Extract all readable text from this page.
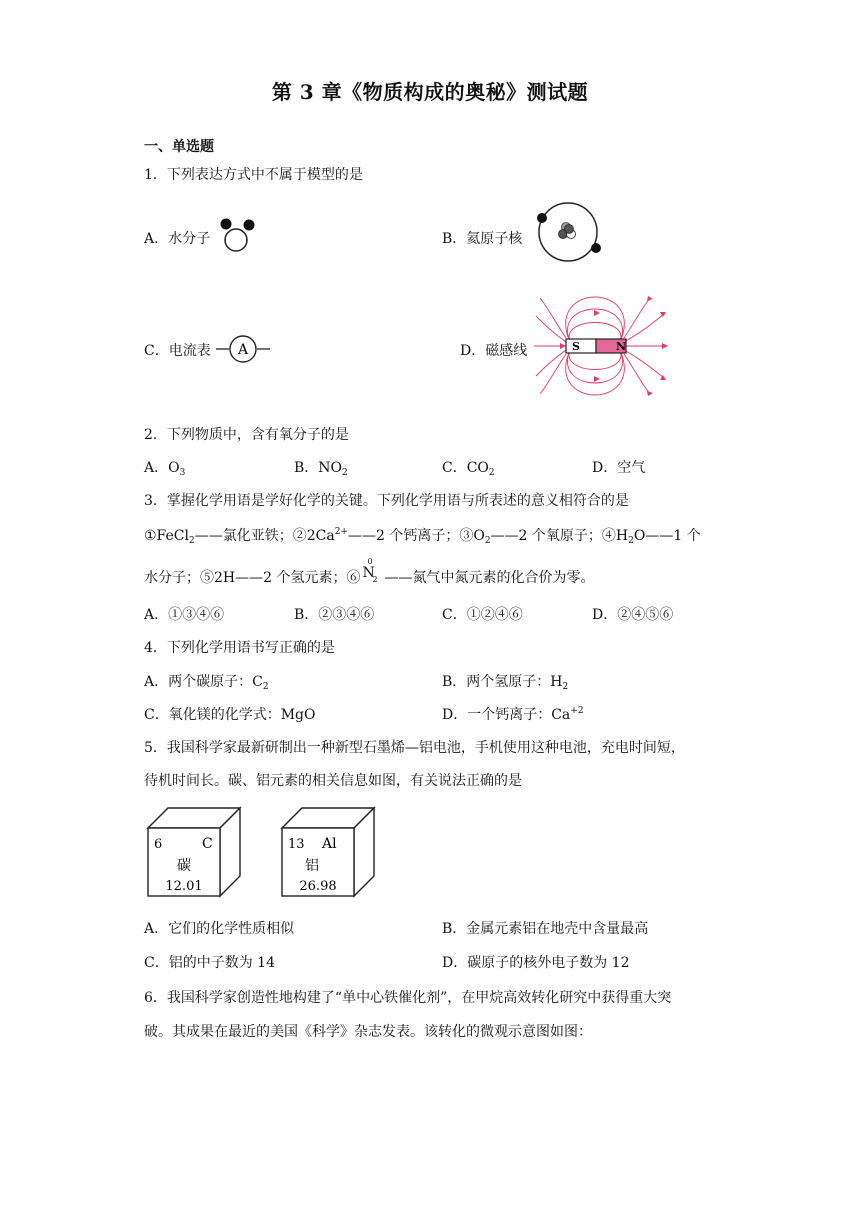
第 3 章《物质构成的奥秘》测试题
一、单选题
1．下列表达方式中不属于模型的是
A．水分子	B．氦原子核
C．电流表 A	D．磁感线	S	N
2．下列物质中，含有氧分子的是
A．$O_3$	B．$NO_2$	C．$CO_2$	D．空气
3．掌握化学用语是学好化学的关键。下列化学用语与所表述的意义相符合的是
①FeCl$_2$——氯化亚铁；$②2Ca^{2+}——2$ 个钙离子；$③O_2——2$ 个氧原子；$④H_2O——1$ 个
水分子；⑤2H——2 个氢元素；⑥
0
N
2 ——氮气中氮元素的化合价为零。
A．①③④⑥	B．②③④⑥	C．①②④⑥	D．②④⑤⑥
4．下列化学用语书写正确的是
A．两个碳原子：$C_2$	B．两个氢原子：$H_2$
C．氧化镁的化学式：MgO	D．一个钙离子：$Ca^{+2}$
5．我国科学家最新研制出一种新型石墨烯—铝电池，手机使用这种电池，充电时间短，
待机时间长。碳、铝元素的相关信息如图，有关说法正确的是
6	C
碳
12.01
13 Al
铝
26.98
A．它们的化学性质相似	B．金属元素铝在地壳中含量最高
C．铝的中子数为 14	D．碳原子的核外电子数为 12
6．我国科学家创造性地构建了“单中心铁催化剂”，在甲烷高效转化研究中获得重大突
破。其成果在最近的美国《科学》杂志发表。该转化的微观示意图如图：
